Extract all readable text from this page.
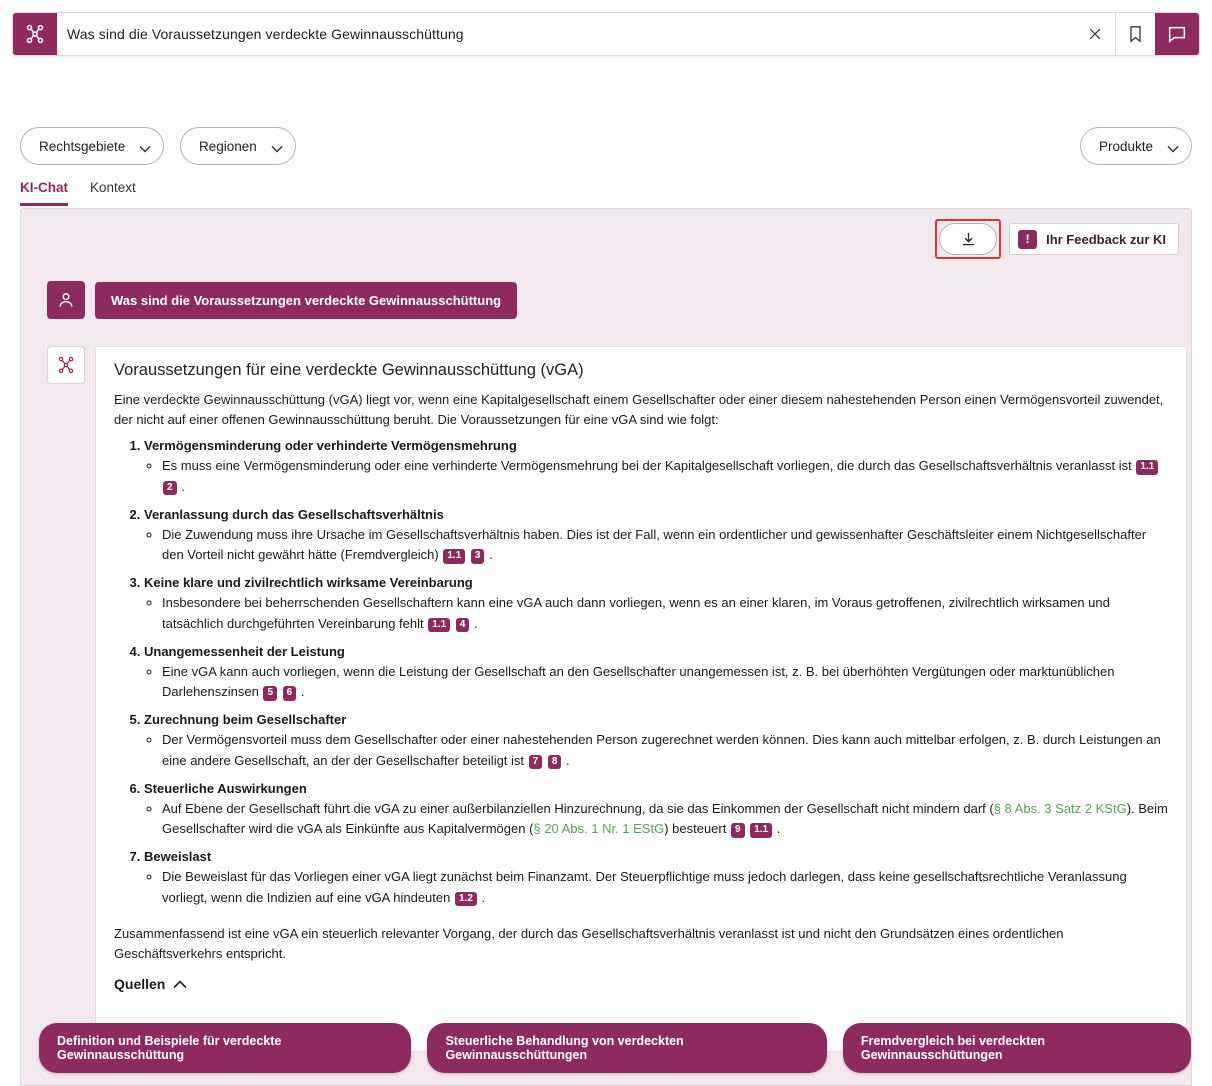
Was sind die Voraussetzungen verdeckte Gewinnausschüttung
Rechtsgebiete
	Regionen	Produkte
KI-Chat Kontext
!	Ihr Feedback zur KI
Was sind die Voraussetzungen verdeckte Gewinnausschüttung
Voraussetzungen für eine verdeckte Gewinnausschüttung (vGA)

Eine verdeckte Gewinnausschüttung (vGA) liegt vor, wenn eine Kapitalgesellschaft einem Gesellschafter oder einer diesem nahestehenden Person einen Vermögensvorteil zuwendet, der nicht auf einer offenen Gewinnausschüttung beruht. Die Voraussetzungen für eine vGA sind wie folgt:

1. Vermögensminderung oder verhinderte Vermögensmehrung
◦ Es muss eine Vermögensminderung oder eine verhinderte Vermögensmehrung bei der Kapitalgesellschaft vorliegen, die durch das Gesellschaftsverhältnis veranlasst ist 1.1 2 .
2. Veranlassung durch das Gesellschaftsverhältnis
◦ Die Zuwendung muss ihre Ursache im Gesellschaftsverhältnis haben. Dies ist der Fall, wenn ein ordentlicher und gewissenhafter Geschäftsleiter einem Nichtgesellschafter den Vorteil nicht gewährt hätte (Fremdvergleich) 1.1 3 .
3. Keine klare und zivilrechtlich wirksame Vereinbarung
◦ Insbesondere bei beherrschenden Gesellschaftern kann eine vGA auch dann vorliegen, wenn es an einer klaren, im Voraus getroffenen, zivilrechtlich wirksamen und tatsächlich durchgeführten Vereinbarung fehlt 1.1 4 .
4. Unangemessenheit der Leistung
◦ Eine vGA kann auch vorliegen, wenn die Leistung der Gesellschaft an den Gesellschafter unangemessen ist, z. B. bei überhöhten Vergütungen oder marktunüblichen Darlehenszinsen 5 6 .
5. Zurechnung beim Gesellschafter
◦ Der Vermögensvorteil muss dem Gesellschafter oder einer nahestehenden Person zugerechnet werden können. Dies kann auch mittelbar erfolgen, z. B. durch Leistungen an eine andere Gesellschaft, an der der Gesellschafter beteiligt ist 7 8 .
6. Steuerliche Auswirkungen
◦ Auf Ebene der Gesellschaft führt die vGA zu einer außerbilanziellen Hinzurechnung, da sie das Einkommen der Gesellschaft nicht mindern darf (§ 8 Abs. 3 Satz 2 KStG). Beim Gesellschafter wird die vGA als Einkünfte aus Kapitalvermögen (§ 20 Abs. 1 Nr. 1 EStG) besteuert 9 1.1 .
7. Beweislast
◦ Die Beweislast für das Vorliegen einer vGA liegt zunächst beim Finanzamt. Der Steuerpflichtige muss jedoch darlegen, dass keine gesellschaftsrechtliche Veranlassung vorliegt, wenn die Indizien auf eine vGA hindeuten 1.2 .

Zusammenfassend ist eine vGA ein steuerlich relevanter Vorgang, der durch das Gesellschaftsverhältnis veranlasst ist und nicht den Grundsätzen eines ordentlichen Geschäftsverkehrs entspricht.

Quellen
Definition und Beispiele für verdeckte Gewinnausschüttung
Steuerliche Behandlung von verdeckten Gewinnausschüttungen
Fremdvergleich bei verdeckten Gewinnausschüttungen
